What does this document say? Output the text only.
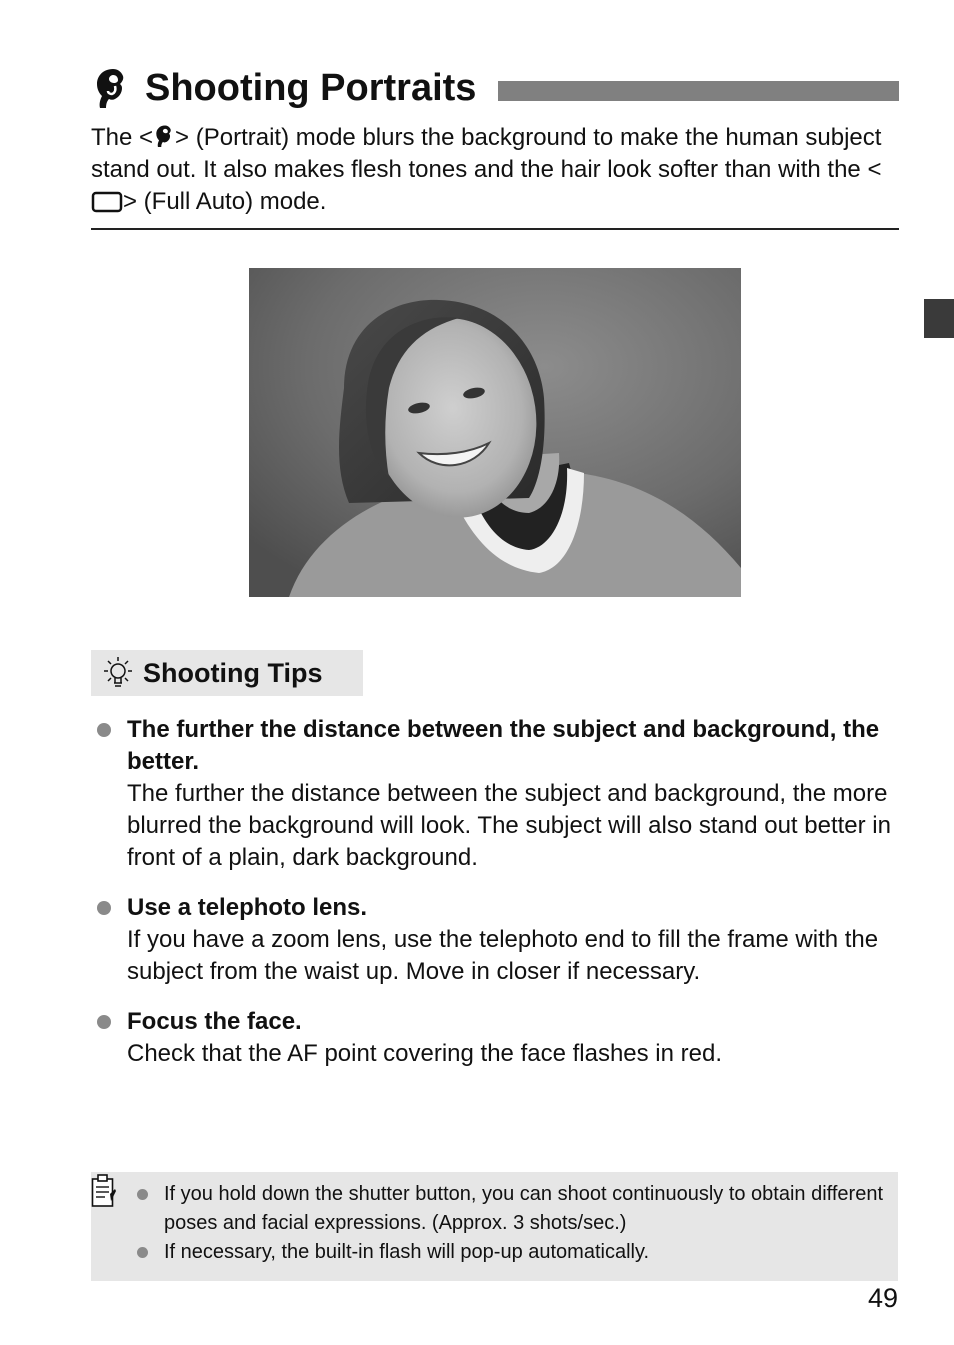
Shooting Portraits

The < > (Portrait) mode blurs the background to make the human subject stand out. It also makes flesh tones and the hair look softer than with the <> (Full Auto) mode.

Shooting Tips
The further the distance between the subject and background, the better.
The further the distance between the subject and background, the more blurred the background will look. The subject will also stand out better in front of a plain, dark background.
Use a telephoto lens.
If you have a zoom lens, use the telephoto end to fill the frame with the subject from the waist up. Move in closer if necessary.
Focus the face.
Check that the AF point covering the face flashes in red.
If you hold down the shutter button, you can shoot continuously to obtain different poses and facial expressions. (Approx. 3 shots/sec.)
If necessary, the built-in flash will pop-up automatically.
49
